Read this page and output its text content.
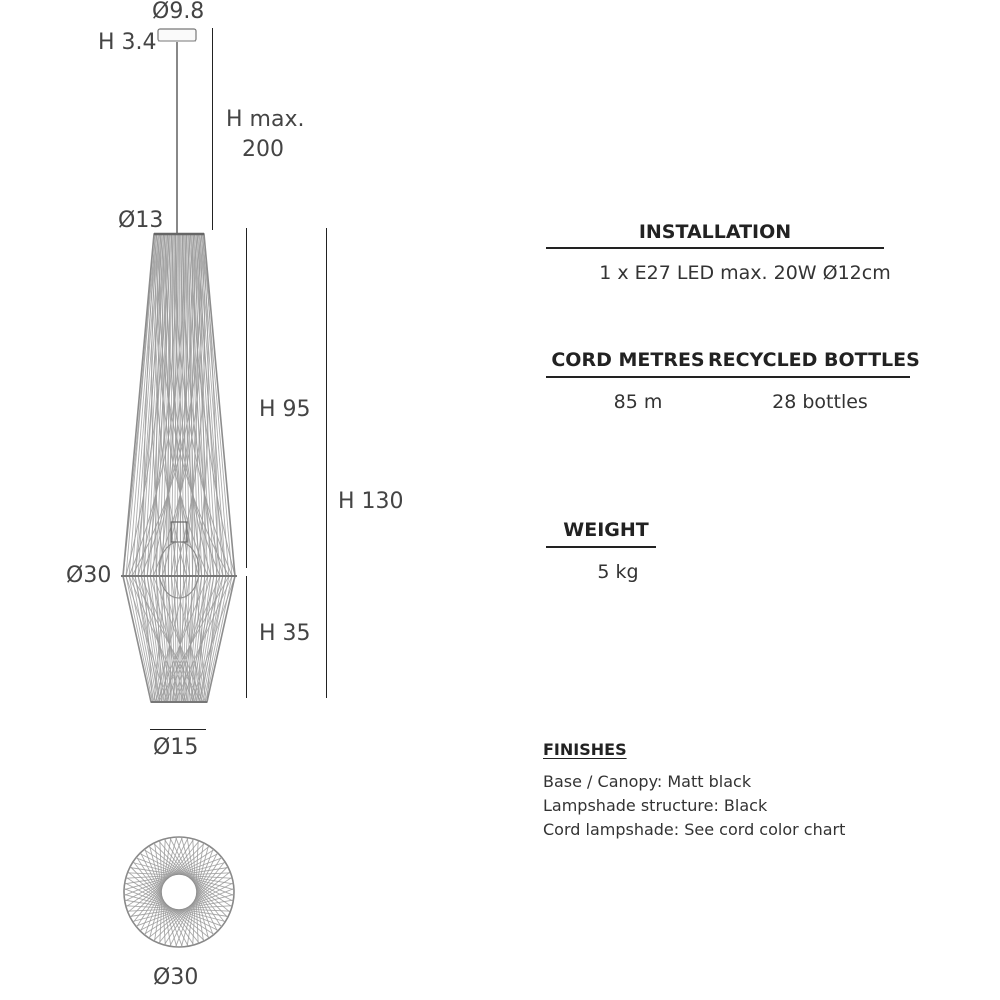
Ø9.8
H 3.4
H max.
200
Ø13
H 95
H 130
Ø30
H 35
Ø15
Ø30
INSTALLATION
1 x E27 LED max. 20W Ø12cm
CORD METRES RECYCLED BOTTLES
85 m	28 bottles
WEIGHT
5 kg
FINISHES
Base / Canopy: Matt black
Lampshade structure: Black
Cord lampshade: See cord color chart
